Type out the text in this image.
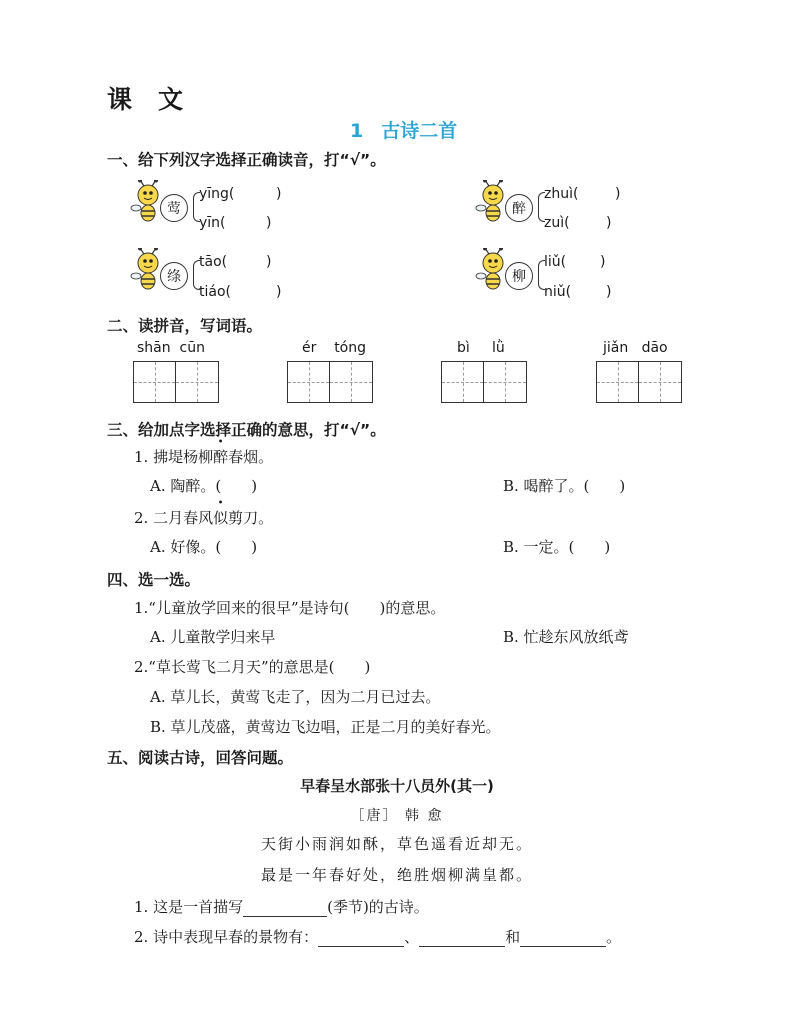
课文
1 古诗二首
一、给下列汉字选择正确读音，打“√”。
莺
yīng(	)
yīn(	)
醉
zhuì(	)
zuì(	)
绦
tāo(	)
tiáo(	)
柳
liǔ( )
niǔ( )
二、读拼音，写词语。
shān cūn	ér tóng	bì lǜ	jiǎn dāo
三、给加点字选择正确的意思，打“√”。
1. 拂堤杨柳醉春烟。
A. 陶醉。(　　)	B. 喝醉了。(　　)
2. 二月春风似剪刀。
A. 好像。(　　)	B. 一定。(　　)
四、选一选。
1.“儿童放学回来的很早”是诗句(　　)的意思。
A. 儿童散学归来早	B. 忙趁东风放纸鸢
2.“草长莺飞二月天”的意思是(　　)
A. 草儿长，黄莺飞走了，因为二月已过去。
B. 草儿茂盛，黄莺边飞边唱，正是二月的美好春光。
五、阅读古诗，回答问题。
早春呈水部张十八员外(其一)
［唐］ 韩 愈
天街小雨润如酥，草色遥看近却无。
最是一年春好处，绝胜烟柳满皇都。
1. 这是一首描写	(季节)的古诗。
2. 诗中表现早春的景物有：	、	和	。
